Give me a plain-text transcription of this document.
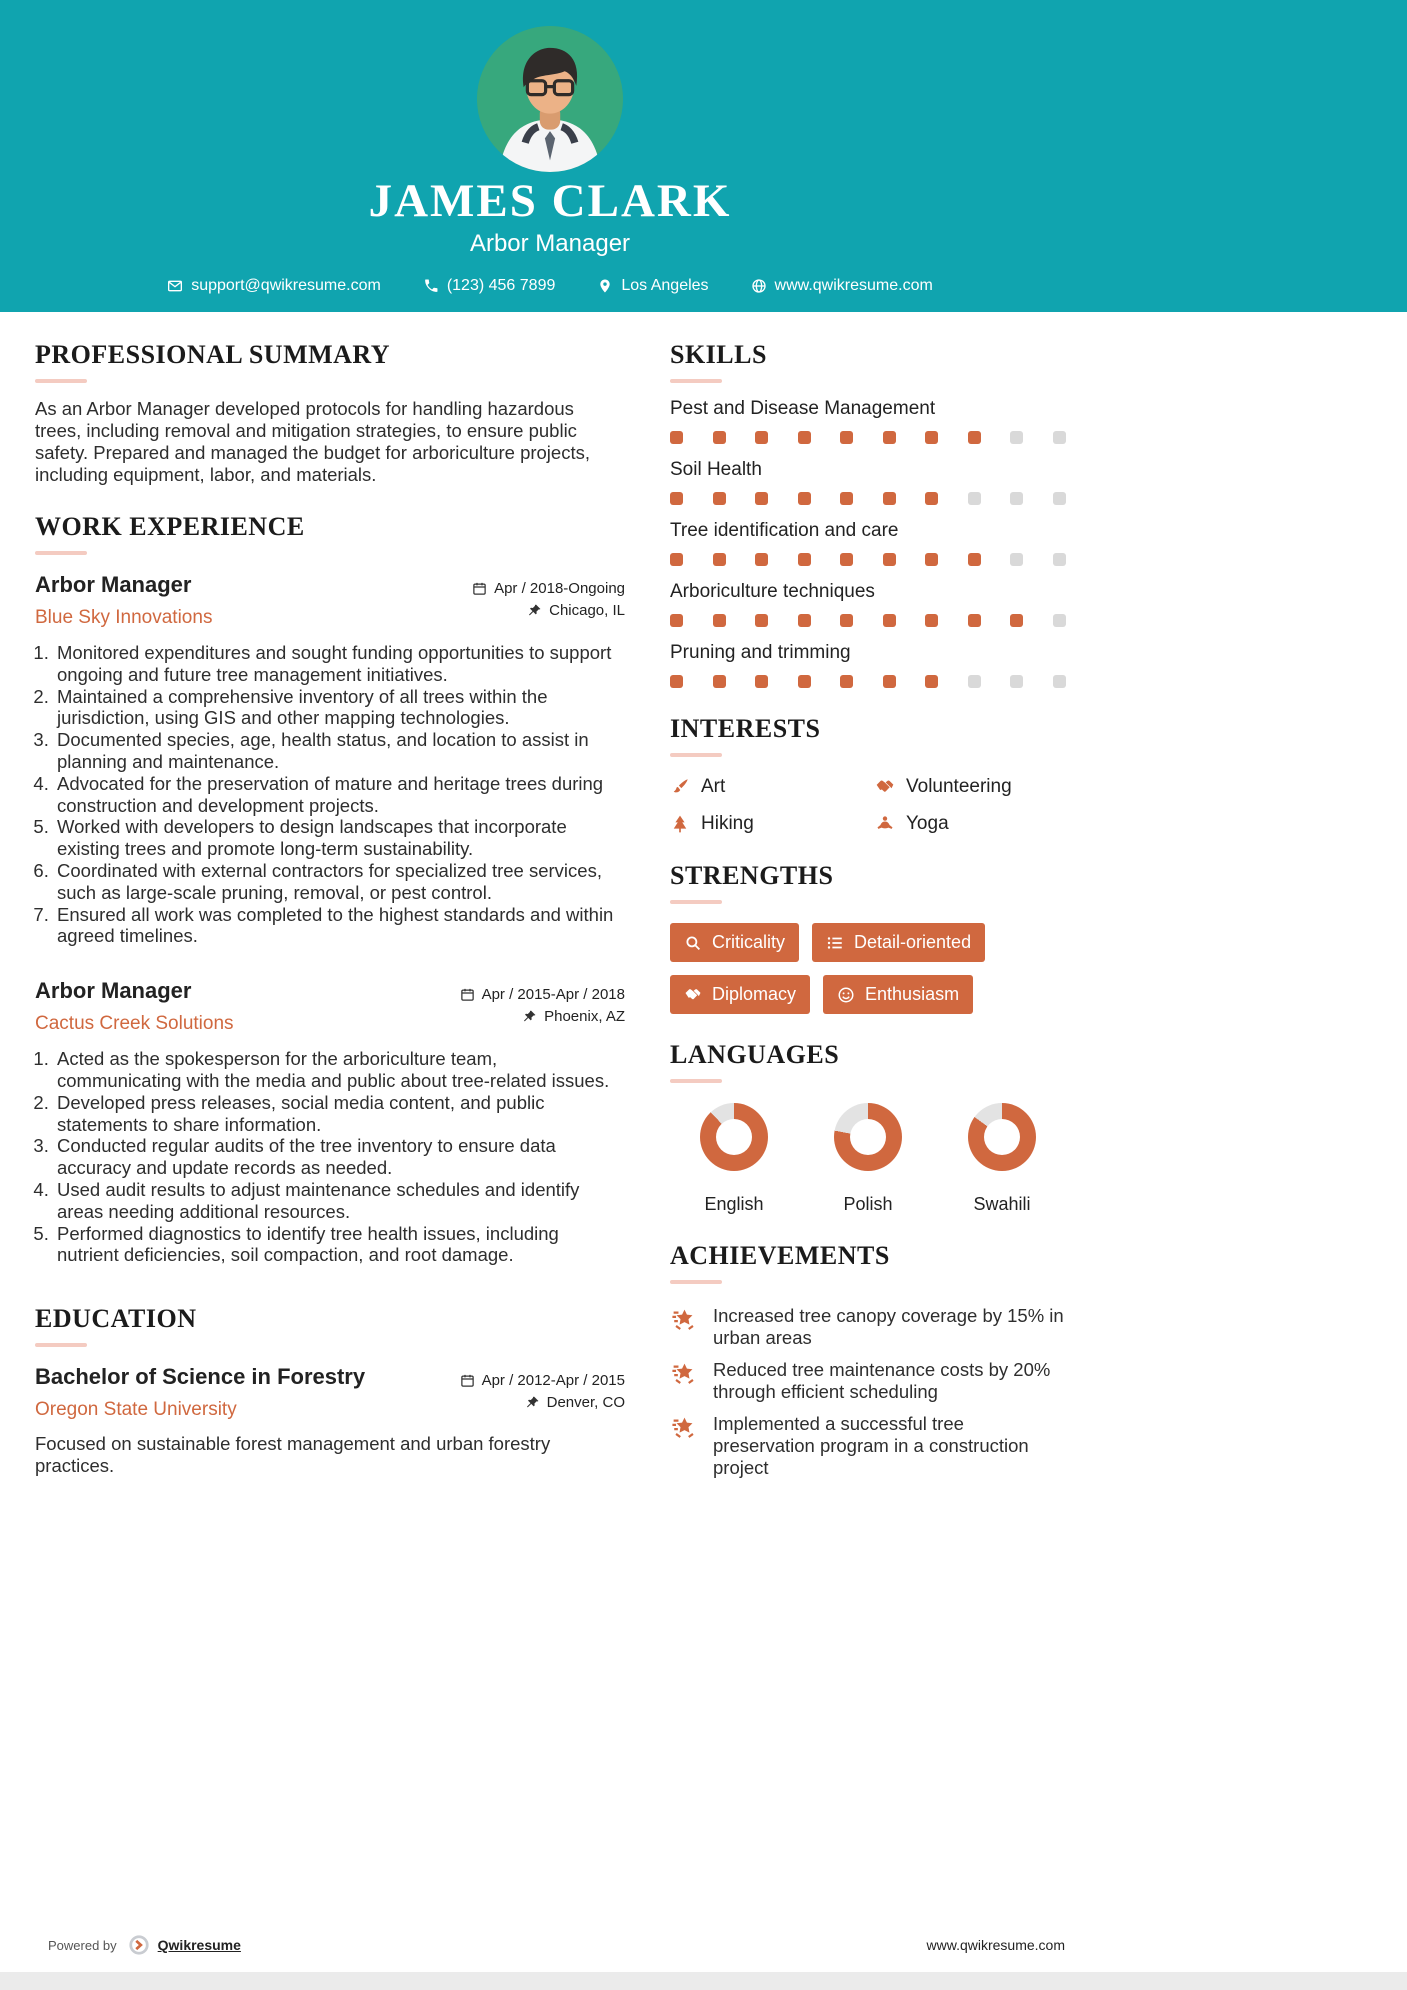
JAMES CLARK
Arbor Manager
support@qwikresume.com	(123) 456 7899	Los Angeles	www.qwikresume.com
PROFESSIONAL SUMMARY

As an Arbor Manager developed protocols for handling hazardous trees, including removal and mitigation strategies, to ensure public safety. Prepared and managed the budget for arboriculture projects, including equipment, labor, and materials.

WORK EXPERIENCE
Arbor Manager
Blue Sky Innovations
Apr / 2018-Ongoing
Chicago, IL
1. Monitored expenditures and sought funding opportunities to support ongoing and future tree management initiatives.
2. Maintained a comprehensive inventory of all trees within the jurisdiction, using GIS and other mapping technologies.
3. Documented species, age, health status, and location to assist in planning and maintenance.
4. Advocated for the preservation of mature and heritage trees during construction and development projects.
5. Worked with developers to design landscapes that incorporate existing trees and promote long-term sustainability.
6. Coordinated with external contractors for specialized tree services, such as large-scale pruning, removal, or pest control.
7. Ensured all work was completed to the highest standards and within agreed timelines.
Arbor Manager
Cactus Creek Solutions
Apr / 2015-Apr / 2018
Phoenix, AZ
1. Acted as the spokesperson for the arboriculture team, communicating with the media and public about tree-related issues.
2. Developed press releases, social media content, and public statements to share information.
3. Conducted regular audits of the tree inventory to ensure data accuracy and update records as needed.
4. Used audit results to adjust maintenance schedules and identify areas needing additional resources.
5. Performed diagnostics to identify tree health issues, including nutrient deficiencies, soil compaction, and root damage.
EDUCATION
Bachelor of Science in Forestry
Oregon State University
Apr / 2012-Apr / 2015
Denver, CO

Focused on sustainable forest management and urban forestry practices.

SKILLS
Pest and Disease Management
Soil Health
Tree identification and care
Arboriculture techniques
Pruning and trimming
INTERESTS
Art	Volunteering
Hiking	Yoga
STRENGTHS
Criticality	Detail-oriented
Diplomacy	Enthusiasm
LANGUAGES
English	Polish	Swahili
ACHIEVEMENTS
Increased tree canopy coverage by 15% in urban areas
Reduced tree maintenance costs by 20% through efficient scheduling
Implemented a successful tree preservation program in a construction project
Powered by	Qwikresume	www.qwikresume.com
